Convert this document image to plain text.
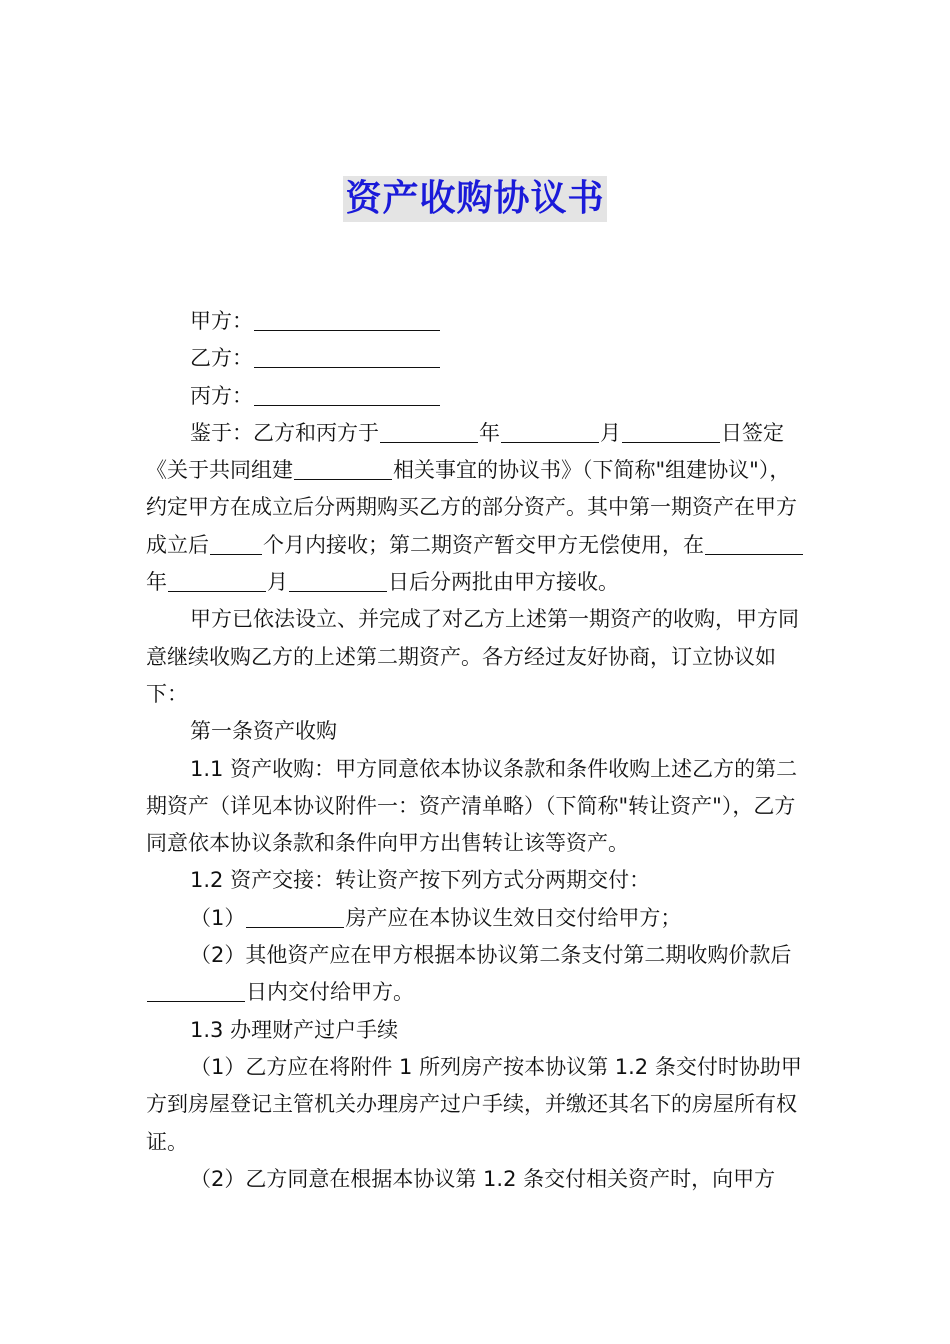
资产收购协议书

甲方：

乙方：

丙方：

鉴于：乙方和丙方于	年	月	日签定《关于共同组建	相关事宜的协议书》（下简称"组建协议"），约定甲方在成立后分两期购买乙方的部分资产。其中第一期资产在甲方成立后	个月内接收；第二期资产暂交甲方无偿使用，在年	月	日后分两批由甲方接收。

甲方已依法设立、并完成了对乙方上述第一期资产的收购，甲方同意继续收购乙方的上述第二期资产。各方经过友好协商，订立协议如下：

第一条资产收购

1.1 资产收购：甲方同意依本协议条款和条件收购上述乙方的第二期资产（详见本协议附件一：资产清单略）（下简称"转让资产"），乙方同意依本协议条款和条件向甲方出售转让该等资产。

1.2 资产交接：转让资产按下列方式分两期交付：

（1）	房产应在本协议生效日交付给甲方；

（2）其他资产应在甲方根据本协议第二条支付第二期收购价款后日内交付给甲方。

1.3 办理财产过户手续

（1）乙方应在将附件 1 所列房产按本协议第 1.2 条交付时协助甲方到房屋登记主管机关办理房产过户手续，并缴还其名下的房屋所有权证。

（2）乙方同意在根据本协议第 1.2 条交付相关资产时，向甲方
